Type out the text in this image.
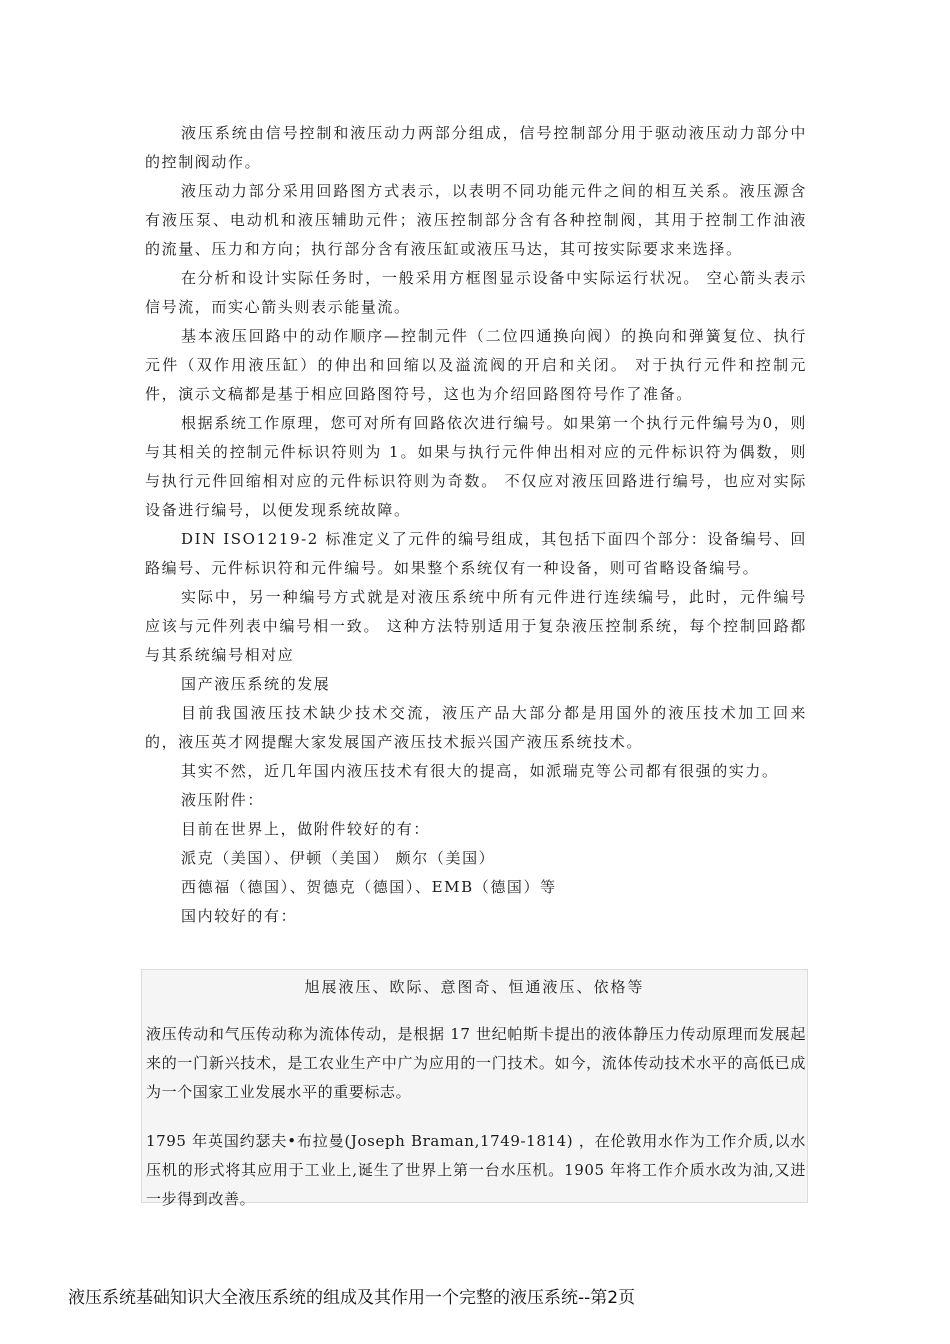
液压系统由信号控制和液压动力两部分组成，信号控制部分用于驱动液压动力部分中的控制阀动作。

液压动力部分采用回路图方式表示，以表明不同功能元件之间的相互关系。液压源含有液压泵、电动机和液压辅助元件；液压控制部分含有各种控制阀，其用于控制工作油液的流量、压力和方向；执行部分含有液压缸或液压马达，其可按实际要求来选择。

在分析和设计实际任务时，一般采用方框图显示设备中实际运行状况。 空心箭头表示信号流，而实心箭头则表示能量流。

基本液压回路中的动作顺序—控制元件（二位四通换向阀）的换向和弹簧复位、执行元件（双作用液压缸）的伸出和回缩以及溢流阀的开启和关闭。 对于执行元件和控制元件，演示文稿都是基于相应回路图符号，这也为介绍回路图符号作了准备。

根据系统工作原理，您可对所有回路依次进行编号。如果第一个执行元件编号为0，则与其相关的控制元件标识符则为 1。如果与执行元件伸出相对应的元件标识符为偶数，则与执行元件回缩相对应的元件标识符则为奇数。 不仅应对液压回路进行编号，也应对实际设备进行编号，以便发现系统故障。

DIN ISO1219-2 标准定义了元件的编号组成，其包括下面四个部分：设备编号、回路编号、元件标识符和元件编号。如果整个系统仅有一种设备，则可省略设备编号。

实际中，另一种编号方式就是对液压系统中所有元件进行连续编号，此时，元件编号应该与元件列表中编号相一致。 这种方法特别适用于复杂液压控制系统，每个控制回路都与其系统编号相对应

国产液压系统的发展

目前我国液压技术缺少技术交流，液压产品大部分都是用国外的液压技术加工回来的，液压英才网提醒大家发展国产液压技术振兴国产液压系统技术。

其实不然，近几年国内液压技术有很大的提高，如派瑞克等公司都有很强的实力。

液压附件：

目前在世界上，做附件较好的有：

派克（美国）、伊顿（美国） 颇尔（美国）

西德福（德国）、贺德克（德国）、EMB（德国）等

国内较好的有：

旭展液压、欧际、意图奇、恒通液压、依格等

液压传动和气压传动称为流体传动，是根据 17 世纪帕斯卡提出的液体静压力传动原理而发展起来的一门新兴技术，是工农业生产中广为应用的一门技术。如今，流体传动技术水平的高低已成为一个国家工业发展水平的重要标志。

1795 年英国约瑟夫•布拉曼(Joseph Braman,1749-1814) ，在伦敦用水作为工作介质,以水压机的形式将其应用于工业上,诞生了世界上第一台水压机。1905 年将工作介质水改为油,又进一步得到改善。

液压系统基础知识大全液压系统的组成及其作用一个完整的液压系统--第2页
